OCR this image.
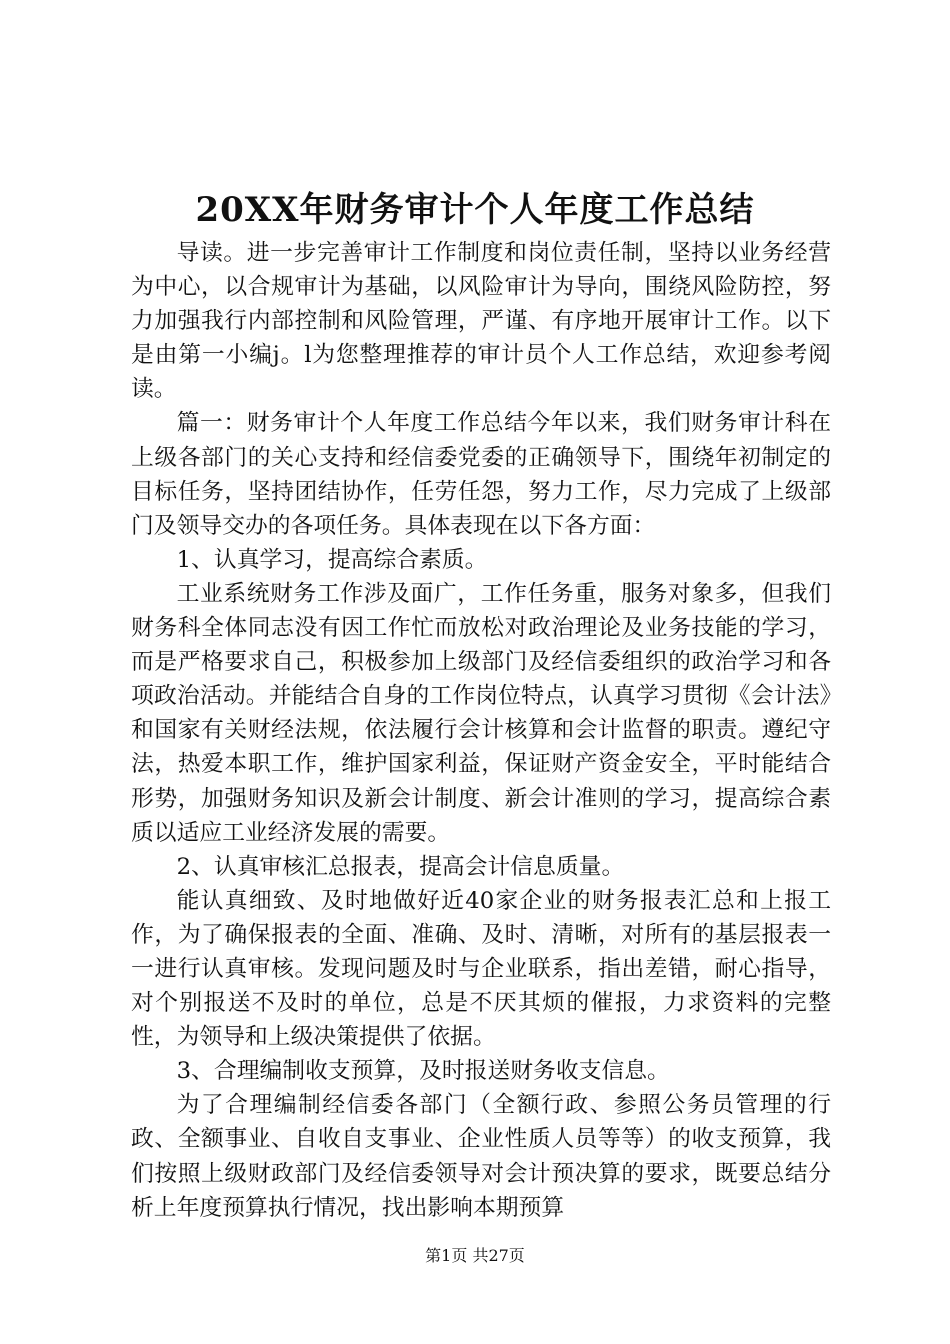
20XX年财务审计个人年度工作总结

导读。进一步完善审计工作制度和岗位责任制，坚持以业务经营为中心，以合规审计为基础，以风险审计为导向，围绕风险防控，努力加强我行内部控制和风险管理，严谨、有序地开展审计工作。以下是由第一小编j。l为您整理推荐的审计员个人工作总结，欢迎参考阅读。

篇一：财务审计个人年度工作总结今年以来，我们财务审计科在上级各部门的关心支持和经信委党委的正确领导下，围绕年初制定的目标任务，坚持团结协作，任劳任怨，努力工作，尽力完成了上级部门及领导交办的各项任务。具体表现在以下各方面：

1、认真学习，提高综合素质。

工业系统财务工作涉及面广，工作任务重，服务对象多，但我们财务科全体同志没有因工作忙而放松对政治理论及业务技能的学习，而是严格要求自己，积极参加上级部门及经信委组织的政治学习和各项政治活动。并能结合自身的工作岗位特点，认真学习贯彻《会计法》和国家有关财经法规，依法履行会计核算和会计监督的职责。遵纪守法，热爱本职工作，维护国家利益，保证财产资金安全，平时能结合形势，加强财务知识及新会计制度、新会计准则的学习，提高综合素质以适应工业经济发展的需要。

2、认真审核汇总报表，提高会计信息质量。

能认真细致、及时地做好近40家企业的财务报表汇总和上报工作，为了确保报表的全面、准确、及时、清晰，对所有的基层报表一一进行认真审核。发现问题及时与企业联系，指出差错，耐心指导，对个别报送不及时的单位，总是不厌其烦的催报，力求资料的完整性，为领导和上级决策提供了依据。

3、合理编制收支预算，及时报送财务收支信息。

为了合理编制经信委各部门（全额行政、参照公务员管理的行政、全额事业、自收自支事业、企业性质人员等等）的收支预算，我们按照上级财政部门及经信委领导对会计预决算的要求，既要总结分析上年度预算执行情况，找出影响本期预算

第1页 共27页
